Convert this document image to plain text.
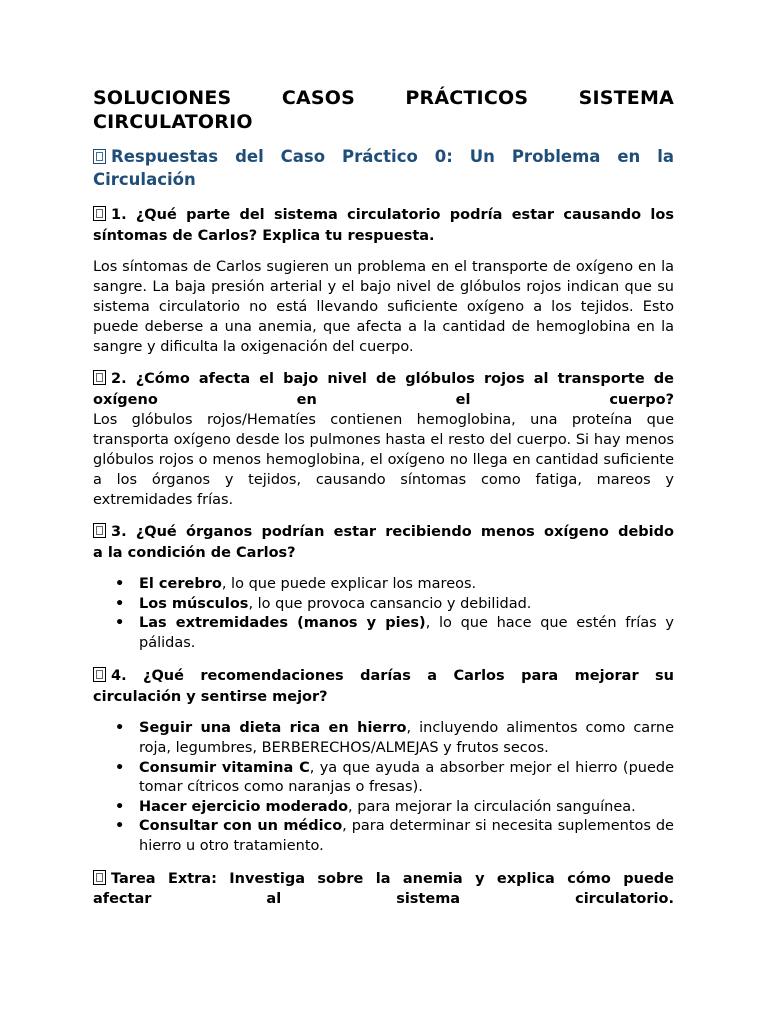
SOLUCIONES CASOS PRÁCTICOS SISTEMA
CIRCULATORIO
Respuestas del Caso Práctico 0: Un Problema en la
Circulación

1. ¿Qué parte del sistema circulatorio podría estar causando los
síntomas de Carlos? Explica tu respuesta.

Los síntomas de Carlos sugieren un problema en el transporte de oxígeno en la sangre. La baja presión arterial y el bajo nivel de glóbulos rojos indican que su sistema circulatorio no está llevando suficiente oxígeno a los tejidos. Esto puede deberse a una anemia, que afecta a la cantidad de hemoglobina en la sangre y dificulta la oxigenación del cuerpo.

2. ¿Cómo afecta el bajo nivel de glóbulos rojos al transporte de
oxígeno en el cuerpo?

Los glóbulos rojos/Hematíes contienen hemoglobina, una proteína que transporta oxígeno desde los pulmones hasta el resto del cuerpo. Si hay menos glóbulos rojos o menos hemoglobina, el oxígeno no llega en cantidad suficiente a los órganos y tejidos, causando síntomas como fatiga, mareos y extremidades frías.

3. ¿Qué órganos podrían estar recibiendo menos oxígeno debido
a la condición de Carlos?

• El cerebro, lo que puede explicar los mareos.
• Los músculos, lo que provoca cansancio y debilidad.
• Las extremidades (manos y pies), lo que hace que estén frías y pálidas.

4. ¿Qué recomendaciones darías a Carlos para mejorar su
circulación y sentirse mejor?

• Seguir una dieta rica en hierro, incluyendo alimentos como carne roja, legumbres, BERBERECHOS/ALMEJAS y frutos secos.
• Consumir vitamina C, ya que ayuda a absorber mejor el hierro (puede tomar cítricos como naranjas o fresas).
• Hacer ejercicio moderado, para mejorar la circulación sanguínea.
• Consultar con un médico, para determinar si necesita suplementos de hierro u otro tratamiento.

Tarea Extra: Investiga sobre la anemia y explica cómo puede
afectar al sistema circulatorio.
